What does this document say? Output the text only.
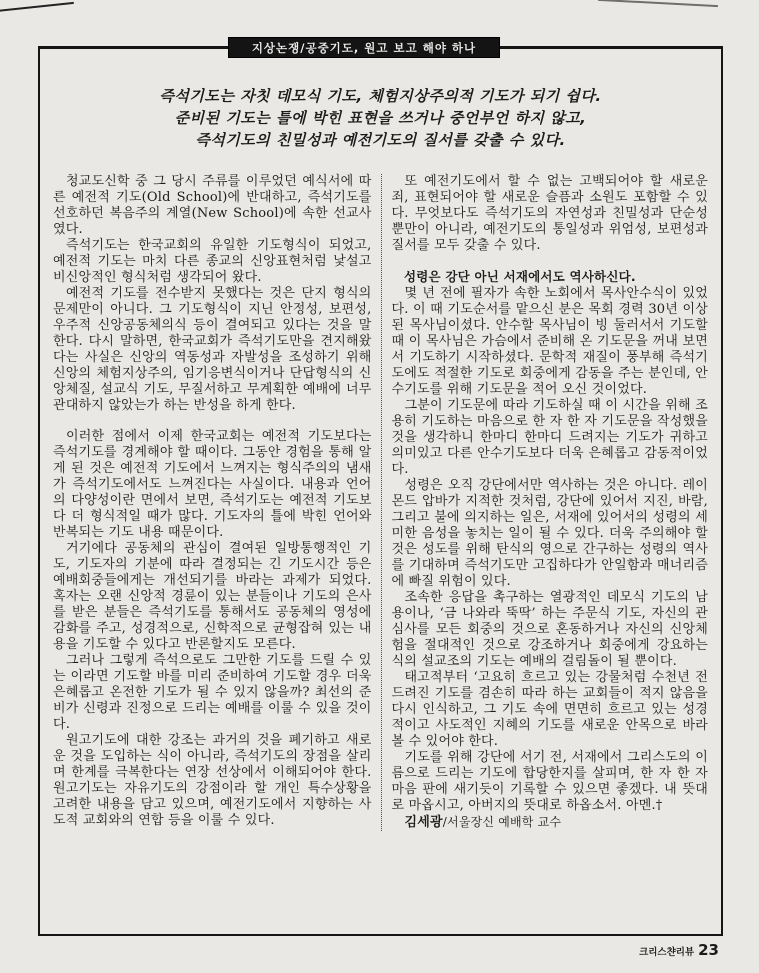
지상논쟁/공중기도, 원고 보고 해야 하나
즉석기도는 자칫 데모식 기도, 체험지상주의적 기도가 되기 쉽다.
준비된 기도는 틀에 박힌 표현을 쓰거나 중언부언 하지 않고,
즉석기도의 친밀성과 예전기도의 질서를 갖출 수 있다.

청교도신학 중 그 당시 주류를 이루었던 예식서에 따른 예전적 기도(Old School)에 반대하고, 즉석기도를 선호하던 복음주의 계열(New School)에 속한 선교사였다.

즉석기도는 한국교회의 유일한 기도형식이 되었고, 예전적 기도는 마치 다른 종교의 신앙표현처럼 낯설고 비신앙적인 형식처럼 생각되어 왔다.

예전적 기도를 전수받지 못했다는 것은 단지 형식의 문제만이 아니다. 그 기도형식이 지닌 안정성, 보편성, 우주적 신앙공동체의식 등이 결여되고 있다는 것을 말한다. 다시 말하면, 한국교회가 즉석기도만을 견지해왔다는 사실은 신앙의 역동성과 자발성을 조성하기 위해 신앙의 체험지상주의, 임기응변식이거나 단답형식의 신앙체질, 설교식 기도, 무질서하고 무계획한 예배에 너무 관대하지 않았는가 하는 반성을 하게 한다.

이러한 점에서 이제 한국교회는 예전적 기도보다는 즉석기도를 경계해야 할 때이다. 그동안 경험을 통해 알게 된 것은 예전적 기도에서 느껴지는 형식주의의 냄새가 즉석기도에서도 느껴진다는 사실이다. 내용과 언어의 다양성이란 면에서 보면, 즉석기도는 예전적 기도보다 더 형식적일 때가 많다. 기도자의 틀에 박힌 언어와 반복되는 기도 내용 때문이다.

거기에다 공동체의 관심이 결여된 일방통행적인 기도, 기도자의 기분에 따라 결정되는 긴 기도시간 등은 예배회중들에게는 개선되기를 바라는 과제가 되었다. 혹자는 오랜 신앙적 경륜이 있는 분들이나 기도의 은사를 받은 분들은 즉석기도를 통해서도 공동체의 영성에 감화를 주고, 성경적으로, 신학적으로 균형잡혀 있는 내용을 기도할 수 있다고 반론할지도 모른다.

그러나 그렇게 즉석으로도 그만한 기도를 드릴 수 있는 이라면 기도할 바를 미리 준비하여 기도할 경우 더욱 은혜롭고 온전한 기도가 될 수 있지 않을까? 최선의 준비가 신령과 진정으로 드리는 예배를 이룰 수 있을 것이다.

원고기도에 대한 강조는 과거의 것을 폐기하고 새로운 것을 도입하는 식이 아니라, 즉석기도의 장점을 살리며 한계를 극복한다는 연장 선상에서 이해되어야 한다. 원고기도는 자유기도의 강점이라 할 개인 특수상황을 고려한 내용을 담고 있으며, 예전기도에서 지향하는 사도적 교회와의 연합 등을 이룰 수 있다.

또 예전기도에서 할 수 없는 고백되어야 할 새로운 죄, 표현되어야 할 새로운 슬픔과 소원도 포함할 수 있다. 무엇보다도 즉석기도의 자연성과 친밀성과 단순성뿐만이 아니라, 예전기도의 통일성과 위엄성, 보편성과 질서를 모두 갖출 수 있다.

성령은 강단 아닌 서재에서도 역사하신다.

몇 년 전에 필자가 속한 노회에서 목사안수식이 있었다. 이 때 기도순서를 맡으신 분은 목회 경력 30년 이상된 목사님이셨다. 안수할 목사님이 빙 둘러서서 기도할 때 이 목사님은 가슴에서 준비해 온 기도문을 꺼내 보면서 기도하기 시작하셨다. 문학적 재질이 풍부해 즉석기도에도 적절한 기도로 회중에게 감동을 주는 분인데, 안수기도를 위해 기도문을 적어 오신 것이었다.

그분이 기도문에 따라 기도하실 때 이 시간을 위해 조용히 기도하는 마음으로 한 자 한 자 기도문을 작성했을 것을 생각하니 한마디 한마디 드려지는 기도가 귀하고 의미있고 다른 안수기도보다 더욱 은혜롭고 감동적이었다.

성령은 오직 강단에서만 역사하는 것은 아니다. 레이몬드 압바가 지적한 것처럼, 강단에 있어서 지진, 바람, 그리고 불에 의지하는 일은, 서재에 있어서의 성령의 세미한 음성을 놓치는 일이 될 수 있다. 더욱 주의해야 할 것은 성도를 위해 탄식의 영으로 간구하는 성령의 역사를 기대하며 즉석기도만 고집하다가 안일함과 매너리즘에 빠질 위험이 있다.

조속한 응답을 촉구하는 열광적인 데모식 기도의 남용이나, ‘금 나와라 뚝딱’ 하는 주문식 기도, 자신의 관심사를 모든 회중의 것으로 혼동하거나 자신의 신앙체험을 절대적인 것으로 강조하거나 회중에게 강요하는 식의 설교조의 기도는 예배의 걸림돌이 될 뿐이다.

태고적부터 ‘고요히 흐르고 있는 강물처럼 수천년 전 드려진 기도를 겸손히 따라 하는 교회들이 적지 않음을 다시 인식하고, 그 기도 속에 면면히 흐르고 있는 성경적이고 사도적인 지혜의 기도를 새로운 안목으로 바라볼 수 있어야 한다.

기도를 위해 강단에 서기 전, 서재에서 그리스도의 이름으로 드리는 기도에 합당한지를 살피며, 한 자 한 자 마음 판에 새기듯이 기록할 수 있으면 좋겠다. 내 뜻대로 마옵시고, 아버지의 뜻대로 하옵소서. 아멘.†

김세광/서울장신 예배학 교수

크리스챤리뷰 23
